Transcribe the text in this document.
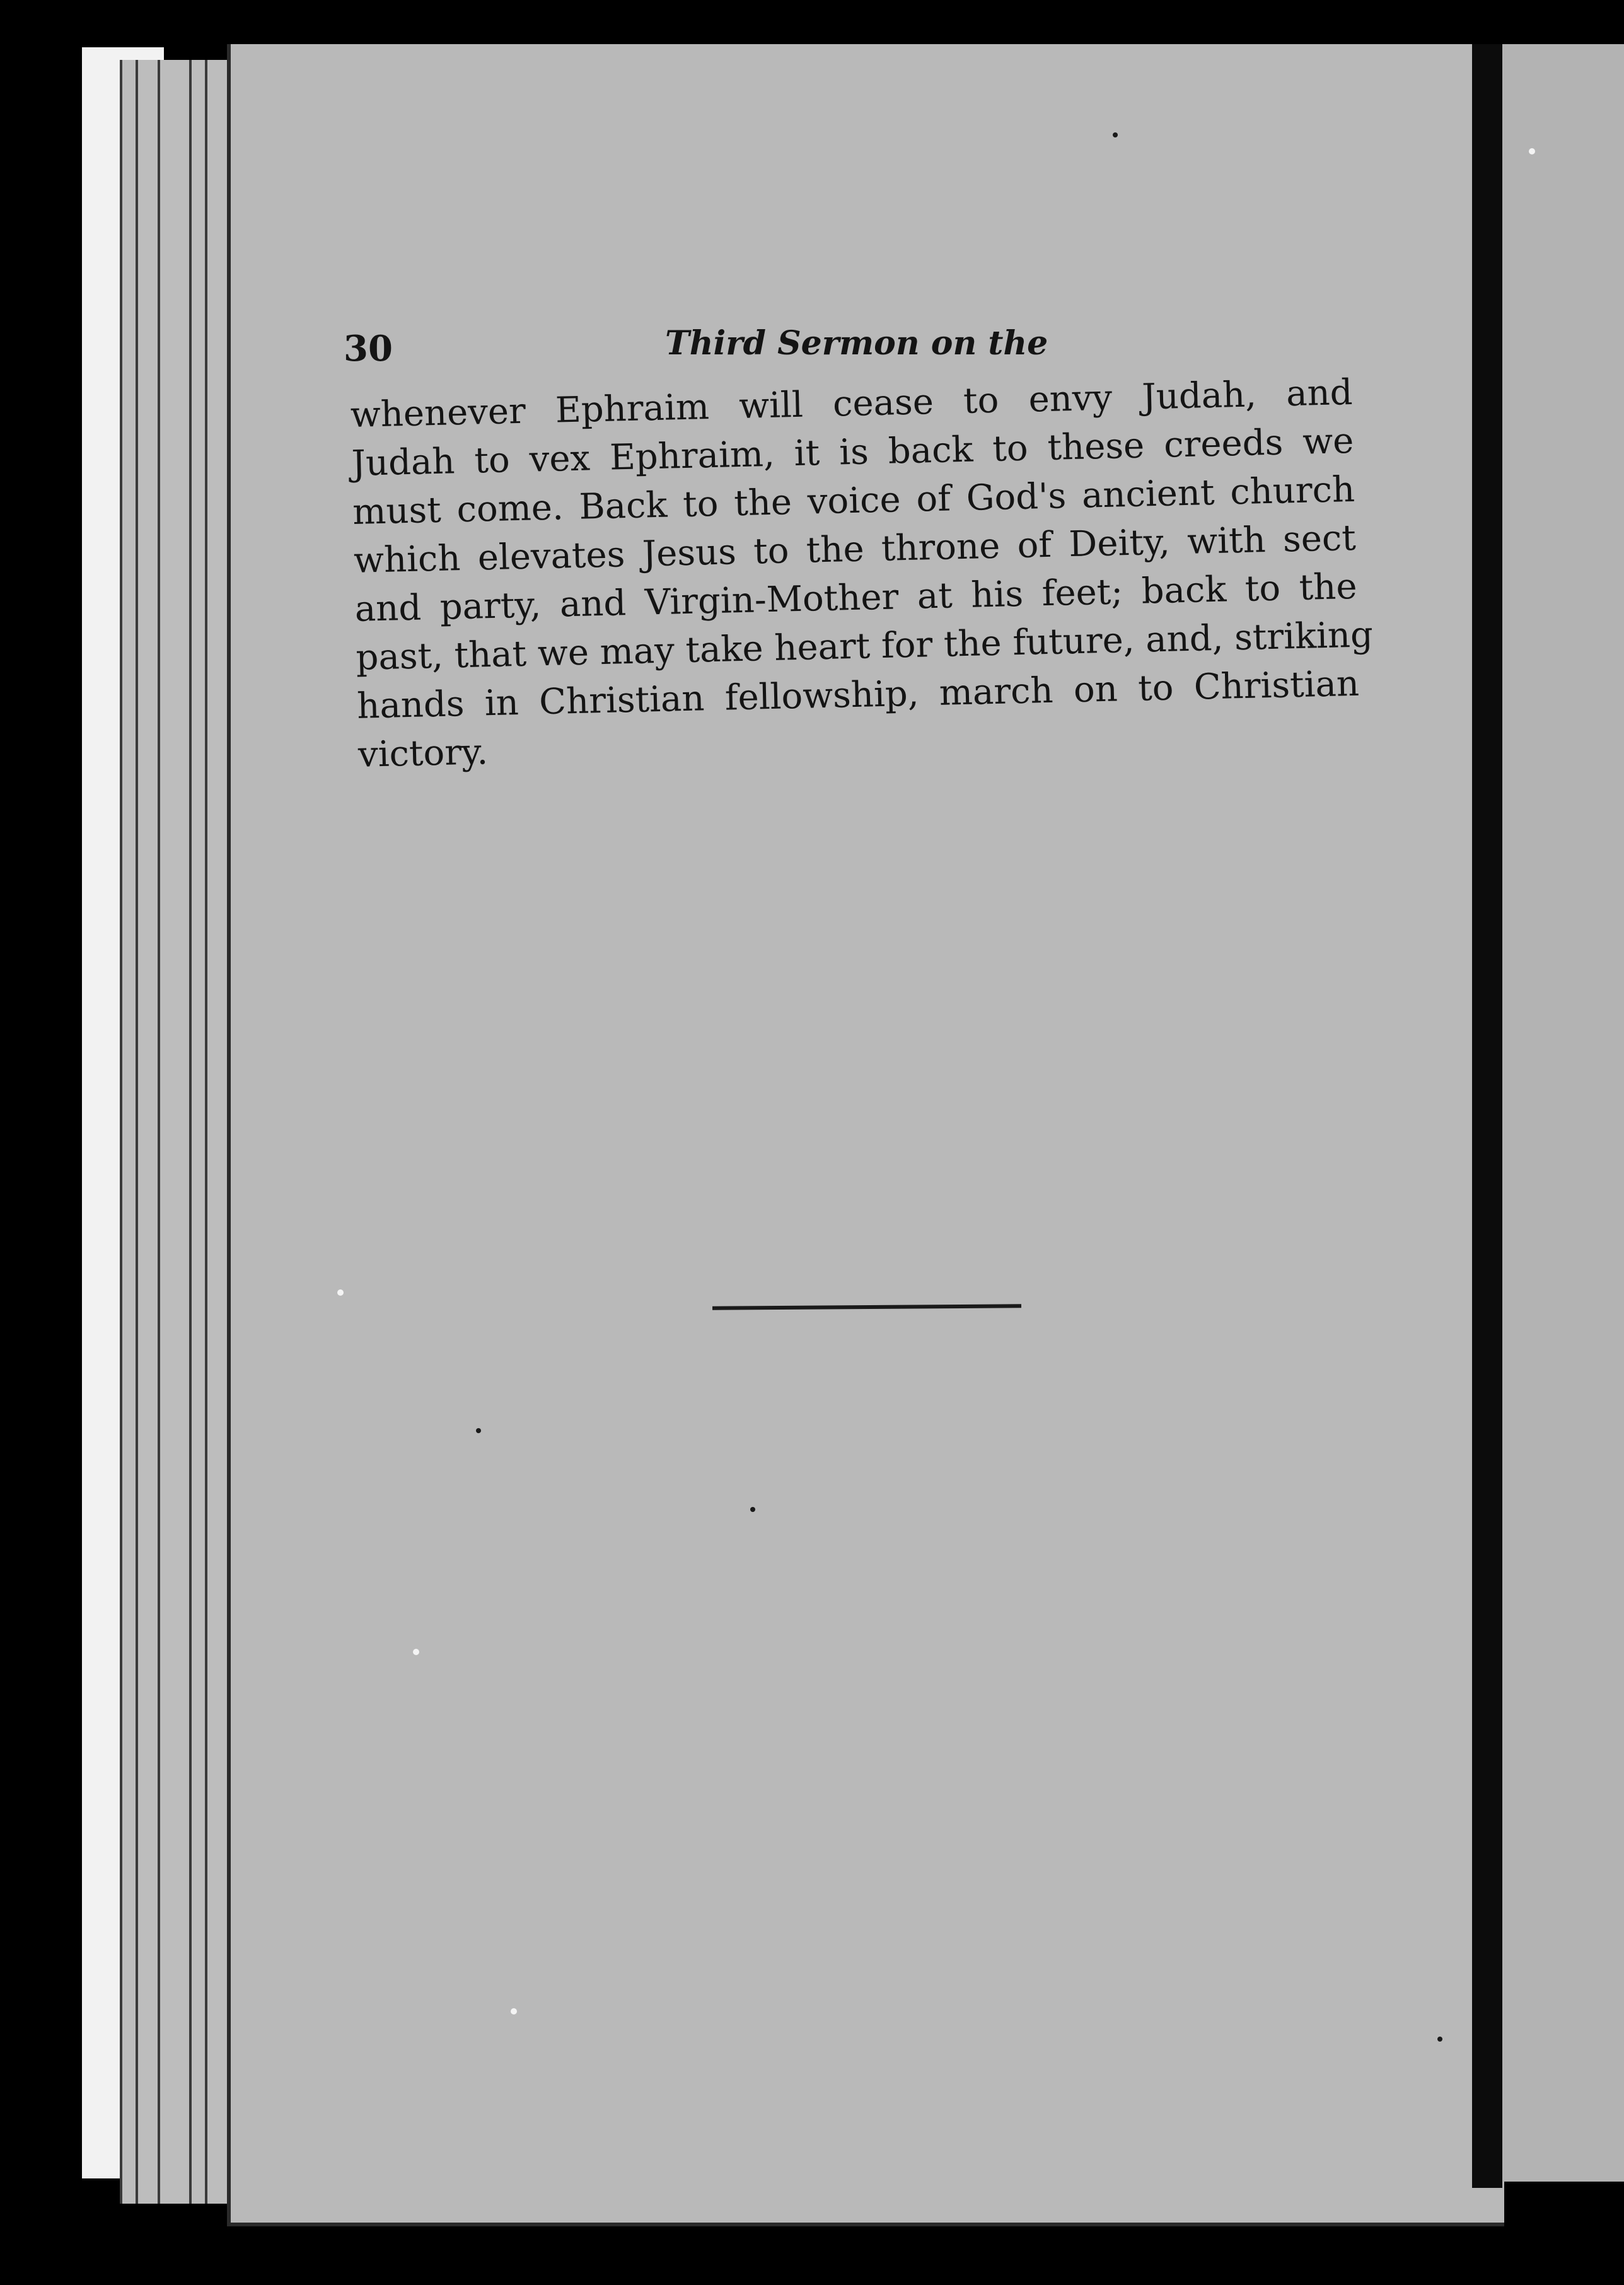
30	Third Sermon on the
whenever Ephraim will cease to envy Judah, and
Judah to vex Ephraim, it is back to these creeds we
must come. Back to the voice of God's ancient church
which elevates Jesus to the throne of Deity, with sect
and party, and Virgin-Mother at his feet; back to the
past, that we may take heart for the future, and, striking
hands in Christian fellowship, march on to Christian
victory.
